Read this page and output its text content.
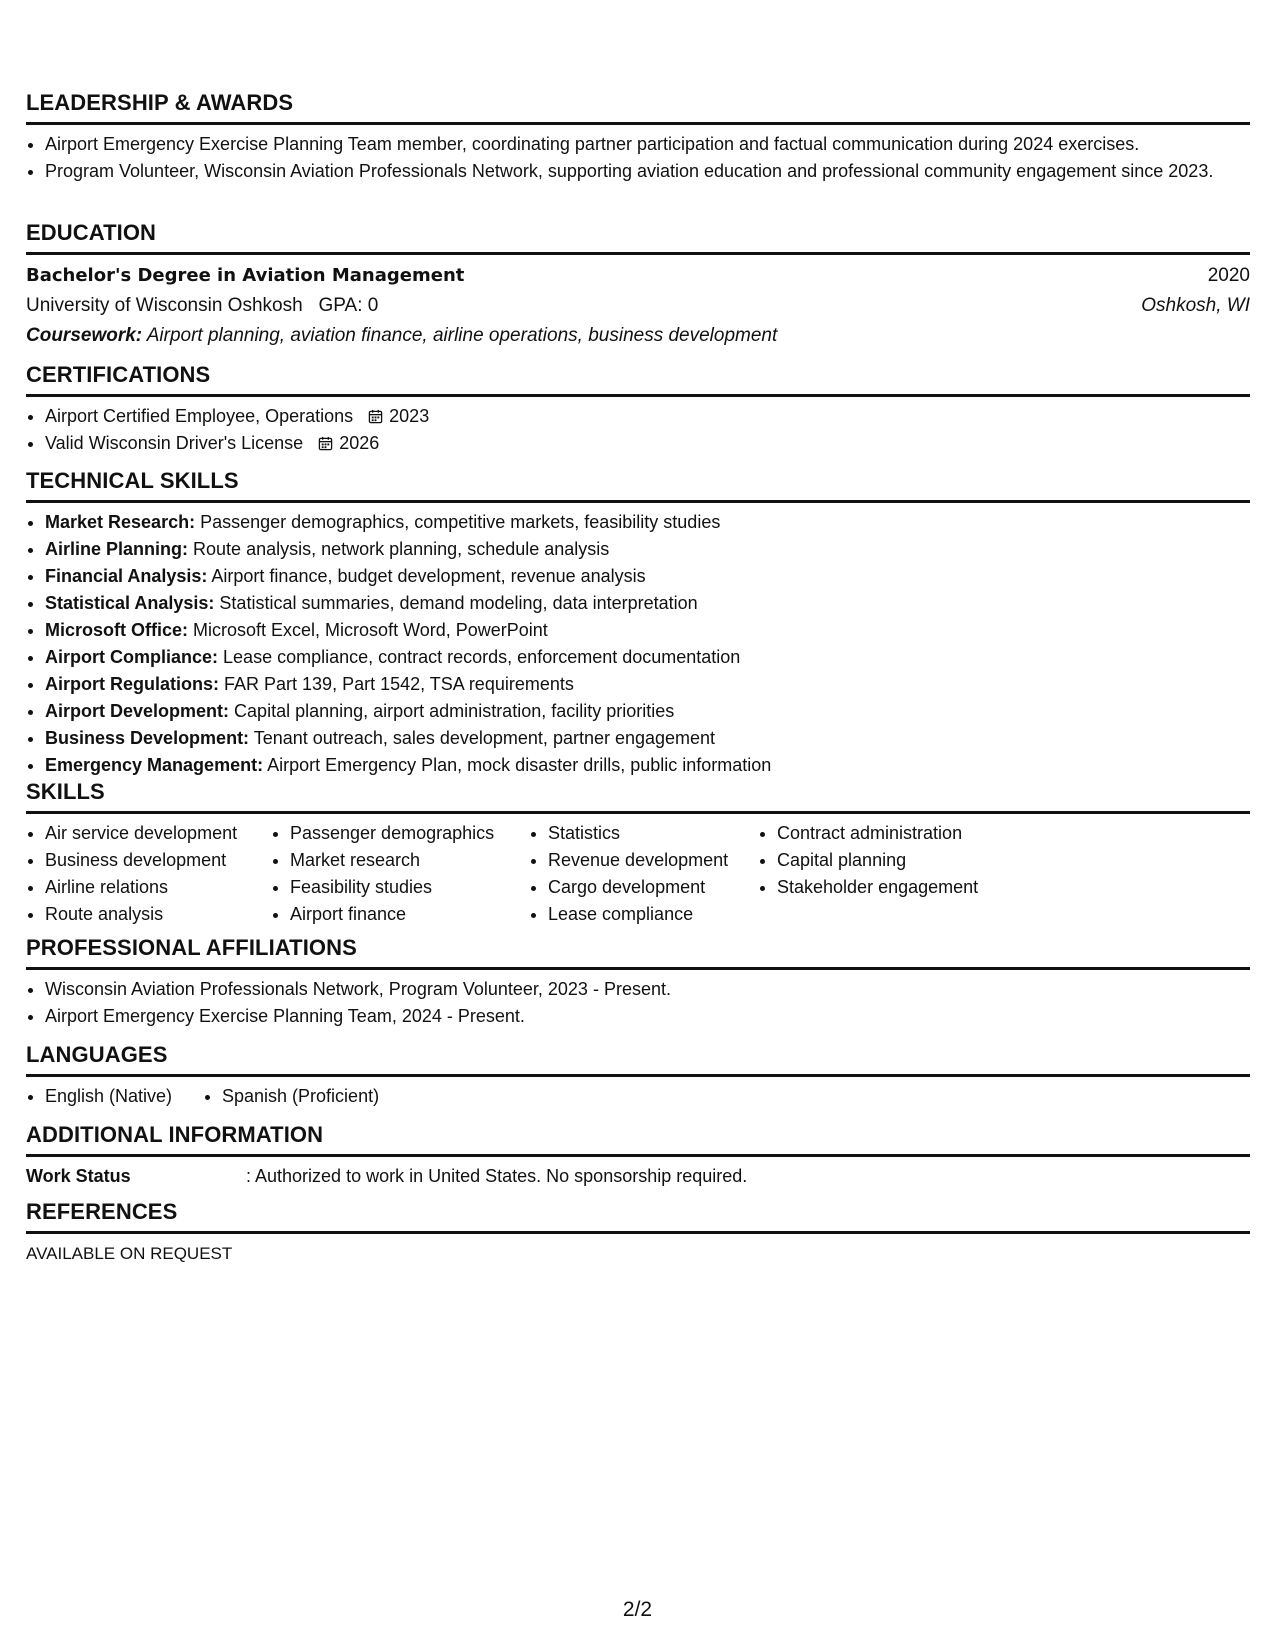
LEADERSHIP & AWARDS
• Airport Emergency Exercise Planning Team member, coordinating partner participation and factual communication during 2024 exercises.
• Program Volunteer, Wisconsin Aviation Professionals Network, supporting aviation education and professional community engagement since 2023.
EDUCATION
Bachelor's Degree in Aviation Management	2020
University of Wisconsin Oshkosh GPA: 0	Oshkosh, WI
Coursework: Airport planning, aviation finance, airline operations, business development
CERTIFICATIONS
• Airport Certified Employee, Operations 2023
• Valid Wisconsin Driver's License 2026
TECHNICAL SKILLS
• Market Research: Passenger demographics, competitive markets, feasibility studies
• Airline Planning: Route analysis, network planning, schedule analysis
• Financial Analysis: Airport finance, budget development, revenue analysis
• Statistical Analysis: Statistical summaries, demand modeling, data interpretation
• Microsoft Office: Microsoft Excel, Microsoft Word, PowerPoint
• Airport Compliance: Lease compliance, contract records, enforcement documentation
• Airport Regulations: FAR Part 139, Part 1542, TSA requirements
• Airport Development: Capital planning, airport administration, facility priorities
• Business Development: Tenant outreach, sales development, partner engagement
• Emergency Management: Airport Emergency Plan, mock disaster drills, public information
SKILLS
• Air service development
• Business development
• Airline relations
• Route analysis
• Passenger demographics
• Market research
• Feasibility studies
• Airport finance
• Statistics
• Revenue development
• Cargo development
• Lease compliance
• Contract administration
• Capital planning
• Stakeholder engagement
PROFESSIONAL AFFILIATIONS
• Wisconsin Aviation Professionals Network, Program Volunteer, 2023 - Present.
• Airport Emergency Exercise Planning Team, 2024 - Present.
LANGUAGES
• English (Native)
•	Spanish (Proficient)
ADDITIONAL INFORMATION
Work Status	: Authorized to work in United States. No sponsorship required.
REFERENCES
AVAILABLE ON REQUEST
2/2
